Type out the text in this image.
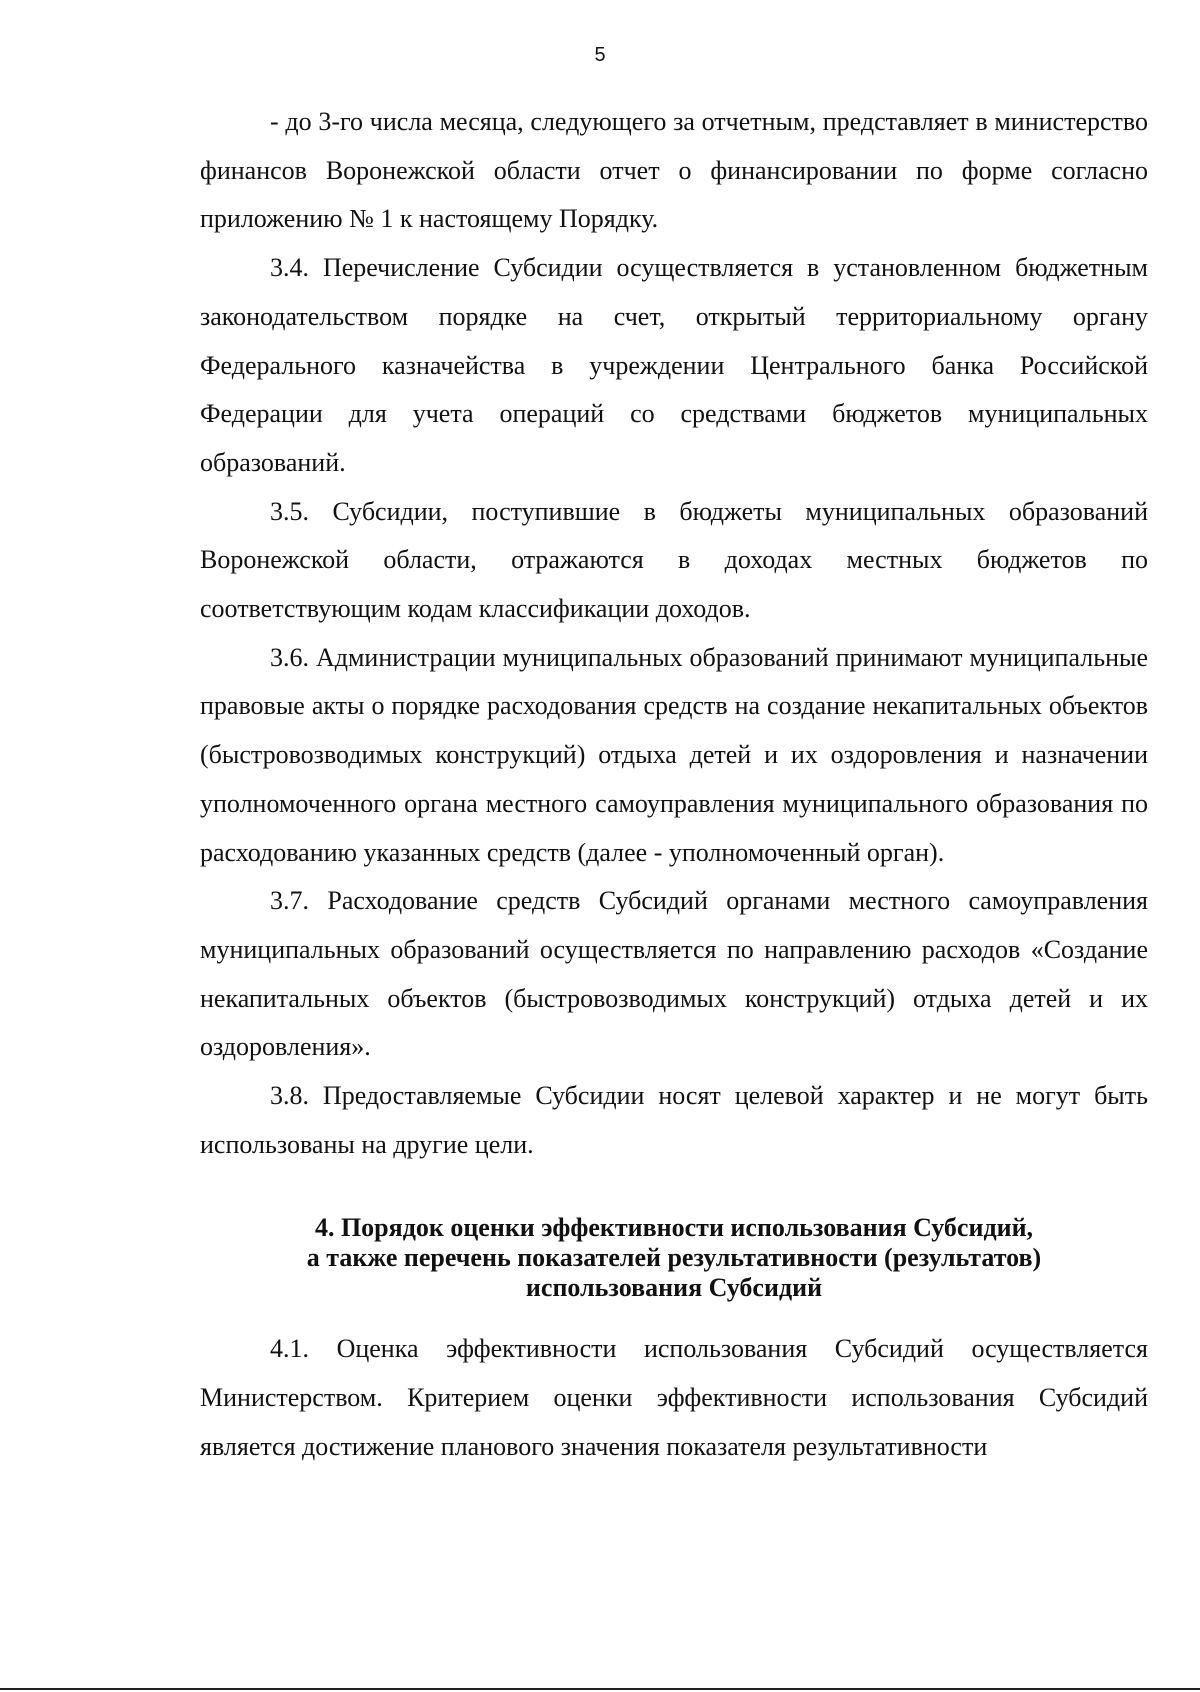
5

- до 3-го числа месяца, следующего за отчетным, представляет в министерство финансов Воронежской области отчет о финансировании по форме согласно приложению № 1 к настоящему Порядку.

3.4. Перечисление Субсидии осуществляется в установленном бюджетным законодательством порядке на счет, открытый территориальному органу Федерального казначейства в учреждении Центрального банка Российской Федерации для учета операций со средствами бюджетов муниципальных образований.

3.5. Субсидии, поступившие в бюджеты муниципальных образований Воронежской области, отражаются в доходах местных бюджетов по соответствующим кодам классификации доходов.

3.6. Администрации муниципальных образований принимают муниципальные правовые акты о порядке расходования средств на создание некапитальных объектов (быстровозводимых конструкций) отдыха детей и их оздоровления и назначении уполномоченного органа местного самоуправления муниципального образования по расходованию указанных средств (далее - уполномоченный орган).

3.7. Расходование средств Субсидий органами местного самоуправления муниципальных образований осуществляется по направлению расходов «Создание некапитальных объектов (быстровозводимых конструкций) отдыха детей и их оздоровления».

3.8. Предоставляемые Субсидии носят целевой характер и не могут быть использованы на другие цели.

4. Порядок оценки эффективности использования Субсидий,
а также перечень показателей результативности (результатов)
использования Субсидий

4.1. Оценка эффективности использования Субсидий осуществляется Министерством. Критерием оценки эффективности использования Субсидий является достижение планового значения показателя результативности
